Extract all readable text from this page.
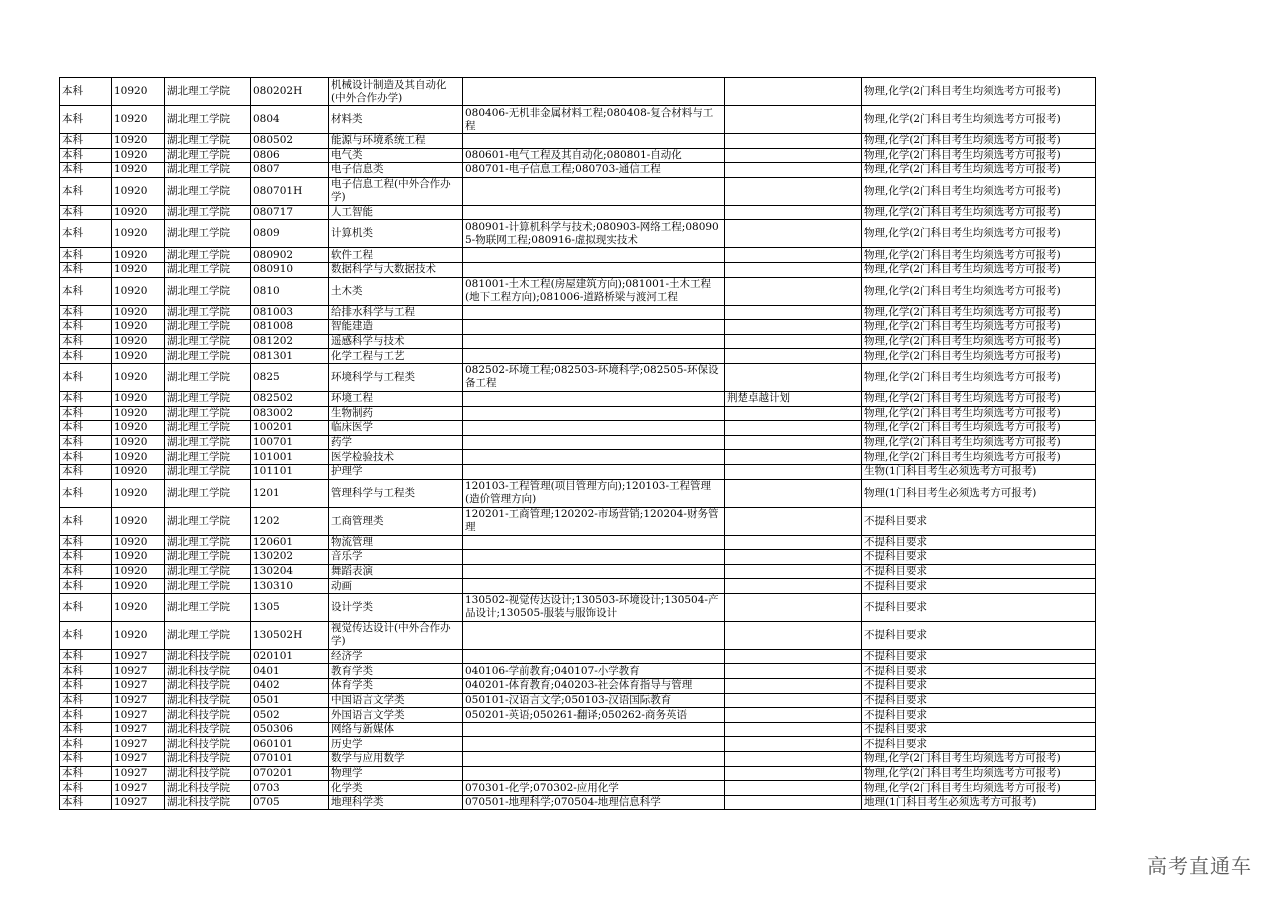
本科	10920	湖北理工学院	080202H	机械设计制造及其自动化(中外合作办学)			物理,化学(2门科目考生均须选考方可报考)
本科	10920	湖北理工学院	0804	材料类	080406-无机非金属材料工程;080408-复合材料与工程		物理,化学(2门科目考生均须选考方可报考)
本科	10920	湖北理工学院	080502	能源与环境系统工程			物理,化学(2门科目考生均须选考方可报考)
本科	10920	湖北理工学院	0806	电气类	080601-电气工程及其自动化;080801-自动化		物理,化学(2门科目考生均须选考方可报考)
本科	10920	湖北理工学院	0807	电子信息类	080701-电子信息工程;080703-通信工程		物理,化学(2门科目考生均须选考方可报考)
本科	10920	湖北理工学院	080701H	电子信息工程(中外合作办学)			物理,化学(2门科目考生均须选考方可报考)
本科	10920	湖北理工学院	080717	人工智能			物理,化学(2门科目考生均须选考方可报考)
本科	10920	湖北理工学院	0809	计算机类	080901-计算机科学与技术;080903-网络工程;080905-物联网工程;080916-虚拟现实技术		物理,化学(2门科目考生均须选考方可报考)
本科	10920	湖北理工学院	080902	软件工程			物理,化学(2门科目考生均须选考方可报考)
本科	10920	湖北理工学院	080910	数据科学与大数据技术			物理,化学(2门科目考生均须选考方可报考)
本科	10920	湖北理工学院	0810	土木类	081001-土木工程(房屋建筑方向);081001-土木工程(地下工程方向);081006-道路桥梁与渡河工程		物理,化学(2门科目考生均须选考方可报考)
本科	10920	湖北理工学院	081003	给排水科学与工程			物理,化学(2门科目考生均须选考方可报考)
本科	10920	湖北理工学院	081008	智能建造			物理,化学(2门科目考生均须选考方可报考)
本科	10920	湖北理工学院	081202	遥感科学与技术			物理,化学(2门科目考生均须选考方可报考)
本科	10920	湖北理工学院	081301	化学工程与工艺			物理,化学(2门科目考生均须选考方可报考)
本科	10920	湖北理工学院	0825	环境科学与工程类	082502-环境工程;082503-环境科学;082505-环保设备工程		物理,化学(2门科目考生均须选考方可报考)
本科	10920	湖北理工学院	082502	环境工程		荆楚卓越计划	物理,化学(2门科目考生均须选考方可报考)
本科	10920	湖北理工学院	083002	生物制药			物理,化学(2门科目考生均须选考方可报考)
本科	10920	湖北理工学院	100201	临床医学			物理,化学(2门科目考生均须选考方可报考)
本科	10920	湖北理工学院	100701	药学			物理,化学(2门科目考生均须选考方可报考)
本科	10920	湖北理工学院	101001	医学检验技术			物理,化学(2门科目考生均须选考方可报考)
本科	10920	湖北理工学院	101101	护理学			生物(1门科目考生必须选考方可报考)
本科	10920	湖北理工学院	1201	管理科学与工程类	120103-工程管理(项目管理方向);120103-工程管理(造价管理方向)		物理(1门科目考生必须选考方可报考)
本科	10920	湖北理工学院	1202	工商管理类	120201-工商管理;120202-市场营销;120204-财务管理		不提科目要求
本科	10920	湖北理工学院	120601	物流管理			不提科目要求
本科	10920	湖北理工学院	130202	音乐学			不提科目要求
本科	10920	湖北理工学院	130204	舞蹈表演			不提科目要求
本科	10920	湖北理工学院	130310	动画			不提科目要求
本科	10920	湖北理工学院	1305	设计学类	130502-视觉传达设计;130503-环境设计;130504-产品设计;130505-服装与服饰设计		不提科目要求
本科	10920	湖北理工学院	130502H	视觉传达设计(中外合作办学)			不提科目要求
本科	10927	湖北科技学院	020101	经济学			不提科目要求
本科	10927	湖北科技学院	0401	教育学类	040106-学前教育;040107-小学教育		不提科目要求
本科	10927	湖北科技学院	0402	体育学类	040201-体育教育;040203-社会体育指导与管理		不提科目要求
本科	10927	湖北科技学院	0501	中国语言文学类	050101-汉语言文学;050103-汉语国际教育		不提科目要求
本科	10927	湖北科技学院	0502	外国语言文学类	050201-英语;050261-翻译;050262-商务英语		不提科目要求
本科	10927	湖北科技学院	050306	网络与新媒体			不提科目要求
本科	10927	湖北科技学院	060101	历史学			不提科目要求
本科	10927	湖北科技学院	070101	数学与应用数学			物理,化学(2门科目考生均须选考方可报考)
本科	10927	湖北科技学院	070201	物理学			物理,化学(2门科目考生均须选考方可报考)
本科	10927	湖北科技学院	0703	化学类	070301-化学;070302-应用化学		物理,化学(2门科目考生均须选考方可报考)
本科	10927	湖北科技学院	0705	地理科学类	070501-地理科学;070504-地理信息科学		地理(1门科目考生必须选考方可报考)
高考直通车
